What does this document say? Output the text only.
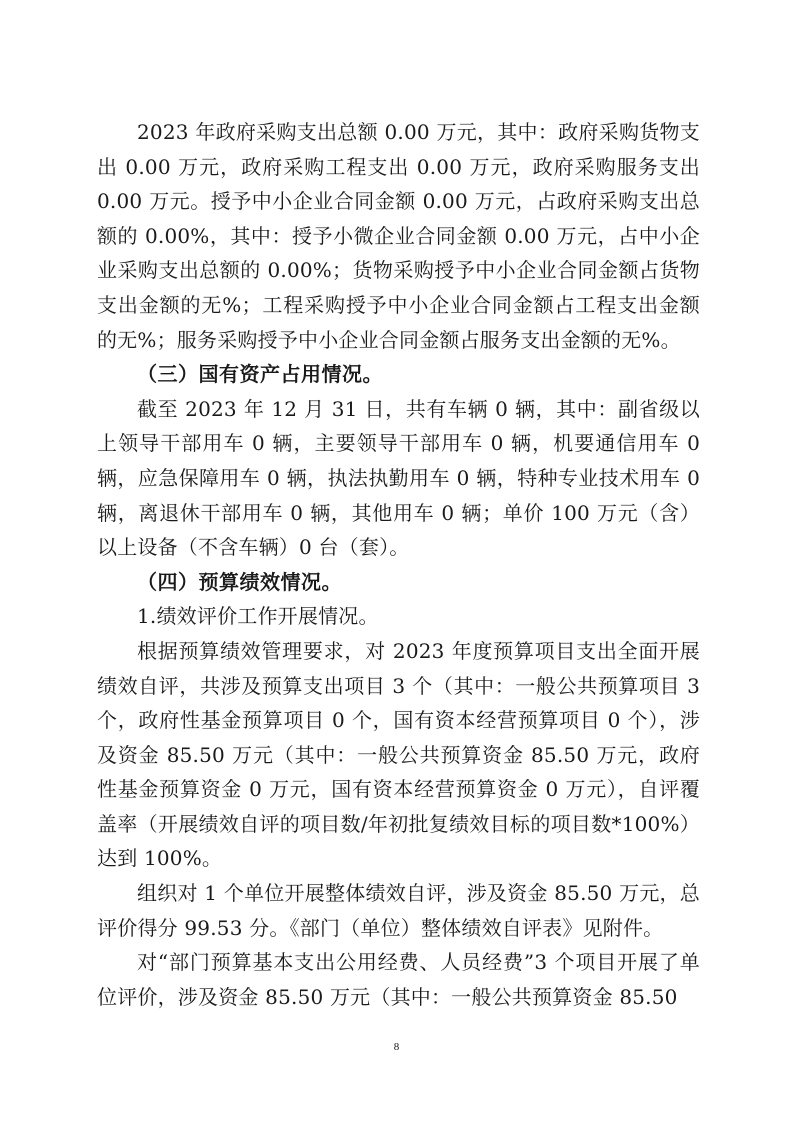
2023 年政府采购支出总额 0.00 万元，其中：政府采购货物支出 0.00 万元，政府采购工程支出 0.00 万元，政府采购服务支出 0.00 万元。授予中小企业合同金额 0.00 万元，占政府采购支出总额的 0.00%，其中：授予小微企业合同金额 0.00 万元，占中小企业采购支出总额的 0.00%；货物采购授予中小企业合同金额占货物支出金额的无%；工程采购授予中小企业合同金额占工程支出金额的无%；服务采购授予中小企业合同金额占服务支出金额的无%。

（三）国有资产占用情况。

截至 2023 年 12 月 31 日，共有车辆 0 辆，其中：副省级以上领导干部用车 0 辆，主要领导干部用车 0 辆，机要通信用车 0 辆，应急保障用车 0 辆，执法执勤用车 0 辆，特种专业技术用车 0 辆，离退休干部用车 0 辆，其他用车 0 辆；单价 100 万元（含）以上设备（不含车辆）0 台（套）。

（四）预算绩效情况。

1.绩效评价工作开展情况。

根据预算绩效管理要求，对 2023 年度预算项目支出全面开展绩效自评，共涉及预算支出项目 3 个（其中：一般公共预算项目 3 个，政府性基金预算项目 0 个，国有资本经营预算项目 0 个），涉及资金 85.50 万元（其中：一般公共预算资金 85.50 万元，政府性基金预算资金 0 万元，国有资本经营预算资金 0 万元），自评覆盖率（开展绩效自评的项目数/年初批复绩效目标的项目数*100%）达到 100%。

组织对 1 个单位开展整体绩效自评，涉及资金 85.50 万元，总评价得分 99.53 分。《部门（单位）整体绩效自评表》见附件。

对“部门预算基本支出公用经费、人员经费”3 个项目开展了单位评价，涉及资金 85.50 万元（其中：一般公共预算资金 85.50

8
